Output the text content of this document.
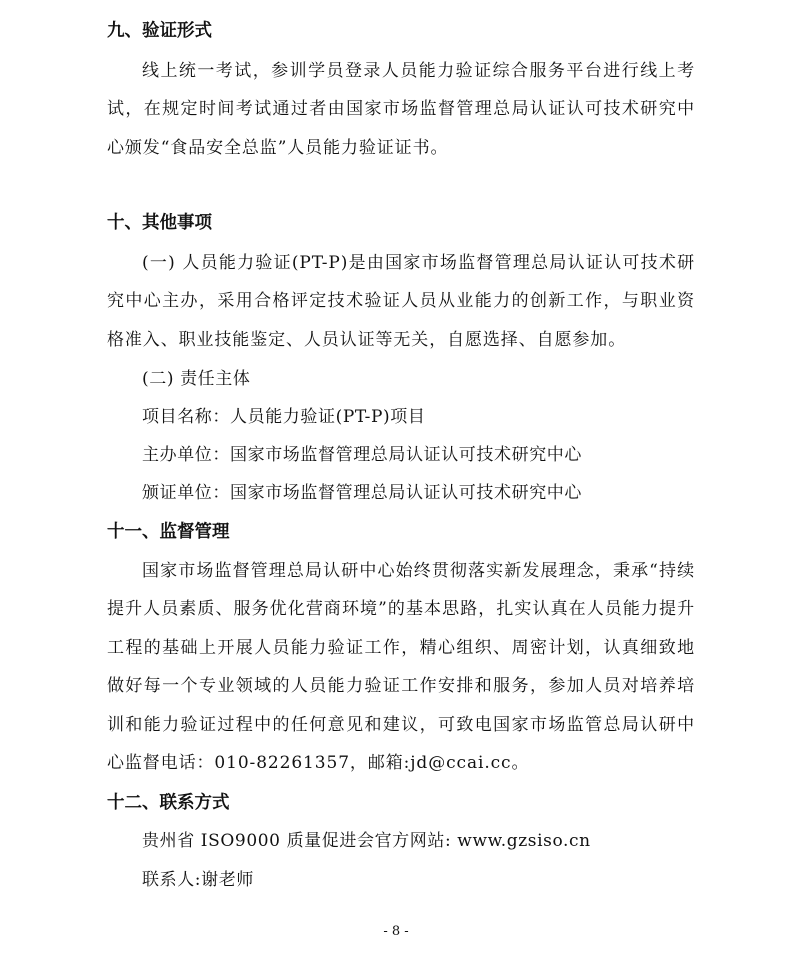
九、验证形式
线上统一考试，参训学员登录人员能力验证综合服务平台进行线上考试，在规定时间考试通过者由国家市场监督管理总局认证认可技术研究中心颁发“食品安全总监”人员能力验证证书。
十、其他事项
(一) 人员能力验证(PT-P)是由国家市场监督管理总局认证认可技术研究中心主办，采用合格评定技术验证人员从业能力的创新工作，与职业资格准入、职业技能鉴定、人员认证等无关，自愿选择、自愿参加。
(二) 责任主体
项目名称：人员能力验证(PT-P)项目
主办单位：国家市场监督管理总局认证认可技术研究中心
颁证单位：国家市场监督管理总局认证认可技术研究中心
十一、监督管理
国家市场监督管理总局认研中心始终贯彻落实新发展理念，秉承“持续提升人员素质、服务优化营商环境”的基本思路，扎实认真在人员能力提升工程的基础上开展人员能力验证工作，精心组织、周密计划，认真细致地做好每一个专业领域的人员能力验证工作安排和服务，参加人员对培养培训和能力验证过程中的任何意见和建议，可致电国家市场监管总局认研中心监督电话：010-82261357，邮箱:jd@ccai.cc。
十二、联系方式
贵州省 ISO9000 质量促进会官方网站: www.gzsiso.cn
联系人:谢老师
- 8 -
